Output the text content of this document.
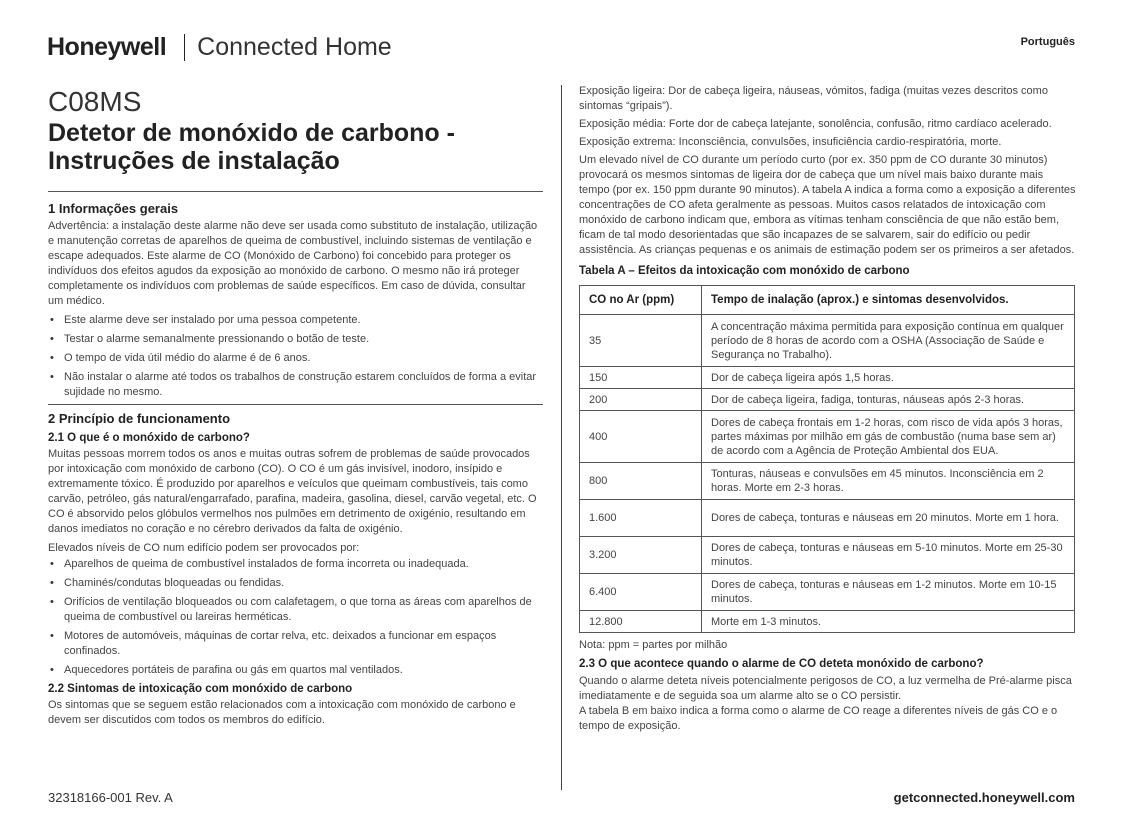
Honeywell Connected Home	Português
C08MS
Detetor de monóxido de carbono -
Instruções de instalação
1 Informações gerais

Advertência: a instalação deste alarme não deve ser usada como substituto de instalação, utilização e manutenção corretas de aparelhos de queima de combustível, incluindo sistemas de ventilação e escape adequados. Este alarme de CO (Monóxido de Carbono) foi concebido para proteger os indivíduos dos efeitos agudos da exposição ao monóxido de carbono. O mesmo não irá proteger completamente os indivíduos com problemas de saúde específicos. Em caso de dúvida, consultar um médico.

• Este alarme deve ser instalado por uma pessoa competente.
• Testar o alarme semanalmente pressionando o botão de teste.
• O tempo de vida útil médio do alarme é de 6 anos.
• Não instalar o alarme até todos os trabalhos de construção estarem concluídos de forma a evitar sujidade no mesmo.
2 Princípio de funcionamento
2.1 O que é o monóxido de carbono?

Muitas pessoas morrem todos os anos e muitas outras sofrem de problemas de saúde provocados por intoxicação com monóxido de carbono (CO). O CO é um gás invisível, inodoro, insípido e extremamente tóxico. É produzido por aparelhos e veículos que queimam combustíveis, tais como carvão, petróleo, gás natural/engarrafado, parafina, madeira, gasolina, diesel, carvão vegetal, etc. O CO é absorvido pelos glóbulos vermelhos nos pulmões em detrimento de oxigénio, resultando em danos imediatos no coração e no cérebro derivados da falta de oxigénio.

Elevados níveis de CO num edifício podem ser provocados por:

• Aparelhos de queima de combustível instalados de forma incorreta ou inadequada.
• Chaminés/condutas bloqueadas ou fendidas.
• Orifícios de ventilação bloqueados ou com calafetagem, o que torna as áreas com aparelhos de queima de combustível ou lareiras herméticas.
• Motores de automóveis, máquinas de cortar relva, etc. deixados a funcionar em espaços confinados.
• Aquecedores portáteis de parafina ou gás em quartos mal ventilados.
2.2 Sintomas de intoxicação com monóxido de carbono

Os sintomas que se seguem estão relacionados com a intoxicação com monóxido de carbono e devem ser discutidos com todos os membros do edifício.

Exposição ligeira: Dor de cabeça ligeira, náuseas, vómitos, fadiga (muitas vezes descritos como sintomas “gripais”).

Exposição média: Forte dor de cabeça latejante, sonolência, confusão, ritmo cardíaco acelerado.

Exposição extrema: Inconsciência, convulsões, insuficiência cardio-respiratória, morte.

Um elevado nível de CO durante um período curto (por ex. 350 ppm de CO durante 30 minutos) provocará os mesmos sintomas de ligeira dor de cabeça que um nível mais baixo durante mais tempo (por ex. 150 ppm durante 90 minutos). A tabela A indica a forma como a exposição a diferentes concentrações de CO afeta geralmente as pessoas. Muitos casos relatados de intoxicação com monóxido de carbono indicam que, embora as vítimas tenham consciência de que não estão bem, ficam de tal modo desorientadas que são incapazes de se salvarem, sair do edifício ou pedir assistência. As crianças pequenas e os animais de estimação podem ser os primeiros a ser afetados.

Tabela A – Efeitos da intoxicação com monóxido de carbono
CO no Ar (ppm)	Tempo de inalação (aprox.) e sintomas desenvolvidos.
35	A concentração máxima permitida para exposição contínua em qualquer período de 8 horas de acordo com a OSHA (Associação de Saúde e Segurança no Trabalho).
150	Dor de cabeça ligeira após 1,5 horas.
200	Dor de cabeça ligeira, fadiga, tonturas, náuseas após 2-3 horas.
400	Dores de cabeça frontais em 1-2 horas, com risco de vida após 3 horas, partes máximas por milhão em gás de combustão (numa base sem ar) de acordo com a Agência de Proteção Ambiental dos EUA.
800	Tonturas, náuseas e convulsões em 45 minutos. Inconsciência em 2 horas. Morte em 2-3 horas.
1.600	Dores de cabeça, tonturas e náuseas em 20 minutos. Morte em 1 hora.
3.200	Dores de cabeça, tonturas e náuseas em 5-10 minutos. Morte em 25-30 minutos.
6.400	Dores de cabeça, tonturas e náuseas em 1-2 minutos. Morte em 10-15 minutos.
12.800	Morte em 1-3 minutos.

Nota: ppm = partes por milhão

2.3 O que acontece quando o alarme de CO deteta monóxido de carbono?

Quando o alarme deteta níveis potencialmente perigosos de CO, a luz vermelha de Pré-alarme pisca imediatamente e de seguida soa um alarme alto se o CO persistir.

A tabela B em baixo indica a forma como o alarme de CO reage a diferentes níveis de gás CO e o tempo de exposição.

32318166-001 Rev. A	getconnected.honeywell.com
